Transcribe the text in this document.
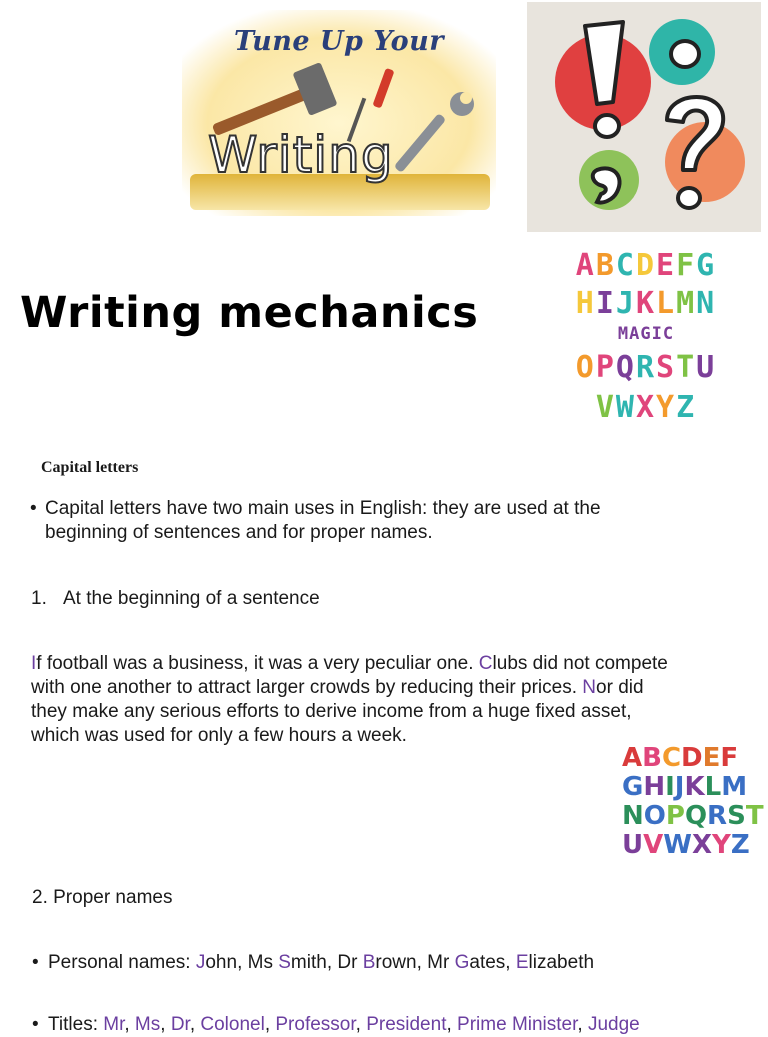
Tune Up Your
Writing
ABCDEFG
HIJKLMN
MAGIC
OPQRSTU
VWXYZ
Writing mechanics
Capital letters
• Capital letters have two main uses in English: they are used at the
beginning of sentences and for proper names.
1. At the beginning of a sentence
If football was a business, it was a very peculiar one. Clubs did not compete
with one another to attract larger crowds by reducing their prices. Nor did
they make any serious efforts to derive income from a huge fixed asset,
which was used for only a few hours a week.
ABCDEF
GHIJKLM
NOPQRST
UVWXYZ
2. Proper names
• Personal names: John, Ms Smith, Dr Brown, Mr Gates, Elizabeth
• Titles: Mr, Ms, Dr, Colonel, Professor, President, Prime Minister, Judge
